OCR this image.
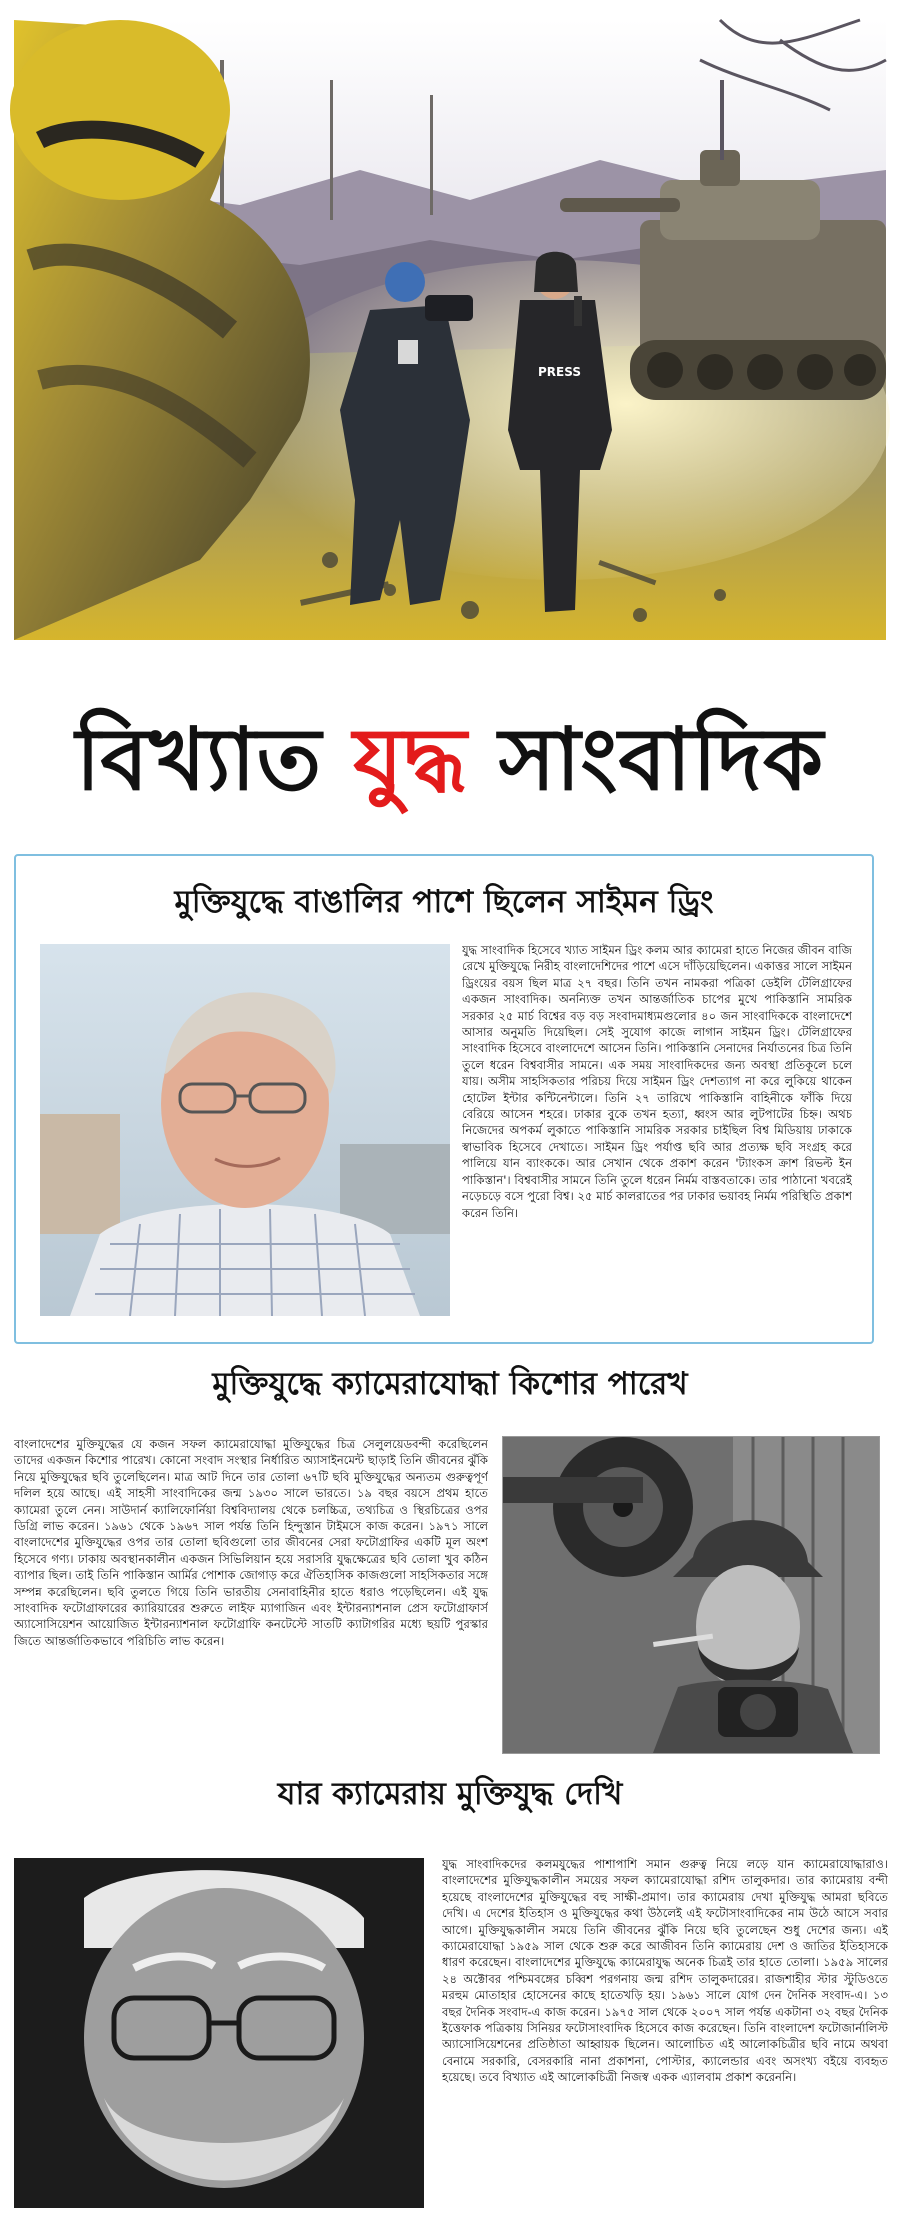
PRESS
বিখ্যাত যুদ্ধ সাংবাদিক
মুক্তিযুদ্ধে বাঙালির পাশে ছিলেন সাইমন ড্রিং
যুদ্ধ সাংবাদিক হিসেবে খ্যাত সাইমন ড্রিং কলম আর ক্যামেরা হাতে নিজের জীবন বাজি রেখে মুক্তিযুদ্ধে নিরীহ বাংলাদেশিদের পাশে এসে দাঁড়িয়েছিলেন। একাত্তর সালে সাইমন ড্রিংয়ের বয়স ছিল মাত্র ২৭ বছর। তিনি তখন নামকরা পত্রিকা ডেইলি টেলিগ্রাফের একজন সাংবাদিক। অনন্যিক্ত তখন আন্তর্জাতিক চাপের মুখে পাকিস্তানি সামরিক সরকার ২৫ মার্চ বিশ্বের বড় বড় সংবাদমাধ্যমগুলোর ৪০ জন সাংবাদিককে বাংলাদেশে আসার অনুমতি দিয়েছিল। সেই সুযোগ কাজে লাগান সাইমন ড্রিং। টেলিগ্রাফের সাংবাদিক হিসেবে বাংলাদেশে আসেন তিনি। পাকিস্তানি সেনাদের নির্যাতনের চিত্র তিনি তুলে ধরেন বিশ্ববাসীর সামনে। এক সময় সাংবাদিকদের জন্য অবস্থা প্রতিকূলে চলে যায়। অসীম সাহসিকতার পরিচয় দিয়ে সাইমন ড্রিং দেশত্যাগ না করে লুকিয়ে থাকেন হোটেল ইন্টার কন্টিনেন্টালে। তিনি ২৭ তারিখে পাকিস্তানি বাহিনীকে ফাঁকি দিয়ে বেরিয়ে আসেন শহরে। ঢাকার বুকে তখন হত্যা, ধ্বংস আর লুটপাটের চিহ্ন। অথচ নিজেদের অপকর্ম লুকাতে পাকিস্তানি সামরিক সরকার চাইছিল বিশ্ব মিডিয়ায় ঢাকাকে স্বাভাবিক হিসেবে দেখাতে। সাইমন ড্রিং পর্যাপ্ত ছবি আর প্রত্যক্ষ ছবি সংগ্রহ করে পালিয়ে যান ব্যাংককে। আর সেখান থেকে প্রকাশ করেন 'ট্যাংকস ক্রাশ রিভল্ট ইন পাকিস্তান'। বিশ্ববাসীর সামনে তিনি তুলে ধরেন নির্মম বাস্তবতাকে। তার পাঠানো খবরেই নড়েচড়ে বসে পুরো বিশ্ব। ২৫ মার্চ কালরাতের পর ঢাকার ভয়াবহ নির্মম পরিস্থিতি প্রকাশ করেন তিনি।
মুক্তিযুদ্ধে ক্যামেরাযোদ্ধা কিশোর পারেখ
বাংলাদেশের মুক্তিযুদ্ধের যে কজন সফল ক্যামেরাযোদ্ধা মুক্তিযুদ্ধের চিত্র সেলুলয়েডবন্দী করেছিলেন তাদের একজন কিশোর পারেখ। কোনো সংবাদ সংস্থার নির্ধারিত অ্যাসাইনমেন্ট ছাড়াই তিনি জীবনের ঝুঁকি নিয়ে মুক্তিযুদ্ধের ছবি তুলেছিলেন। মাত্র আট দিনে তার তোলা ৬৭টি ছবি মুক্তিযুদ্ধের অন্যতম গুরুত্বপূর্ণ দলিল হয়ে আছে। এই সাহসী সাংবাদিকের জন্ম ১৯৩০ সালে ভারতে। ১৯ বছর বয়সে প্রথম হাতে ক্যামেরা তুলে নেন। সাউদার্ন ক্যালিফোর্নিয়া বিশ্ববিদ্যালয় থেকে চলচ্চিত্র, তথ্যচিত্র ও স্থিরচিত্রের ওপর ডিগ্রি লাভ করেন। ১৯৬১ থেকে ১৯৬৭ সাল পর্যন্ত তিনি হিন্দুস্তান টাইমসে কাজ করেন। ১৯৭১ সালে বাংলাদেশের মুক্তিযুদ্ধের ওপর তার তোলা ছবিগুলো তার জীবনের সেরা ফটোগ্রাফির একটি মূল অংশ হিসেবে গণ্য। ঢাকায় অবস্থানকালীন একজন সিভিলিয়ান হয়ে সরাসরি যুদ্ধক্ষেত্রের ছবি তোলা খুব কঠিন ব্যাপার ছিল। তাই তিনি পাকিস্তান আর্মির পোশাক জোগাড় করে ঐতিহাসিক কাজগুলো সাহসিকতার সঙ্গে সম্পন্ন করেছিলেন। ছবি তুলতে গিয়ে তিনি ভারতীয় সেনাবাহিনীর হাতে ধরাও পড়েছিলেন। এই যুদ্ধ সাংবাদিক ফটোগ্রাফারের ক্যারিয়ারের শুরুতে লাইফ ম্যাগাজিন এবং ইন্টারন্যাশনাল প্রেস ফটোগ্রাফার্স অ্যাসোসিয়েশন আয়োজিত ইন্টারন্যাশনাল ফটোগ্রাফি কনটেস্টে সাতটি ক্যাটাগরির মধ্যে ছয়টি পুরস্কার জিতে আন্তর্জাতিকভাবে পরিচিতি লাভ করেন।
যার ক্যামেরায় মুক্তিযুদ্ধ দেখি
যুদ্ধ সাংবাদিকদের কলমযুদ্ধের পাশাপাশি সমান গুরুত্ব নিয়ে লড়ে যান ক্যামেরাযোদ্ধারাও। বাংলাদেশের মুক্তিযুদ্ধকালীন সময়ের সফল ক্যামেরাযোদ্ধা রশিদ তালুকদার। তার ক্যামেরায় বন্দী হয়েছে বাংলাদেশের মুক্তিযুদ্ধের বহু সাক্ষী-প্রমাণ। তার ক্যামেরায় দেখা মুক্তিযুদ্ধ আমরা ছবিতে দেখি। এ দেশের ইতিহাস ও মুক্তিযুদ্ধের কথা উঠলেই এই ফটোসাংবাদিকের নাম উঠে আসে সবার আগে। মুক্তিযুদ্ধকালীন সময়ে তিনি জীবনের ঝুঁকি নিয়ে ছবি তুলেছেন শুধু দেশের জন্য। এই ক্যামেরাযোদ্ধা ১৯৫৯ সাল থেকে শুরু করে আজীবন তিনি ক্যামেরায় দেশ ও জাতির ইতিহাসকে ধারণ করেছেন। বাংলাদেশের মুক্তিযুদ্ধে ক্যামেরাযুদ্ধ অনেক চিত্রই তার হাতে তোলা। ১৯৫৯ সালের ২৪ অক্টোবর পশ্চিমবঙ্গের চব্বিশ পরগনায় জন্ম রশিদ তালুকদারের। রাজশাহীর স্টার স্টুডিওতে মরহুম মোতাহার হোসেনের কাছে হাতেখড়ি হয়। ১৯৬১ সালে যোগ দেন দৈনিক সংবাদ-এ। ১৩ বছর দৈনিক সংবাদ-এ কাজ করেন। ১৯৭৫ সাল থেকে ২০০৭ সাল পর্যন্ত একটানা ৩২ বছর দৈনিক ইত্তেফাক পত্রিকায় সিনিয়র ফটোসাংবাদিক হিসেবে কাজ করেছেন। তিনি বাংলাদেশ ফটোজার্নালিস্ট অ্যাসোসিয়েশনের প্রতিষ্ঠাতা আহ্বায়ক ছিলেন। আলোচিত এই আলোকচিত্রীর ছবি নামে অথবা বেনামে সরকারি, বেসরকারি নানা প্রকাশনা, পোস্টার, ক্যালেন্ডার এবং অসংখ্য বইয়ে ব্যবহৃত হয়েছে। তবে বিখ্যাত এই আলোকচিত্রী নিজস্ব একক এ্যালবাম প্রকাশ করেননি।
